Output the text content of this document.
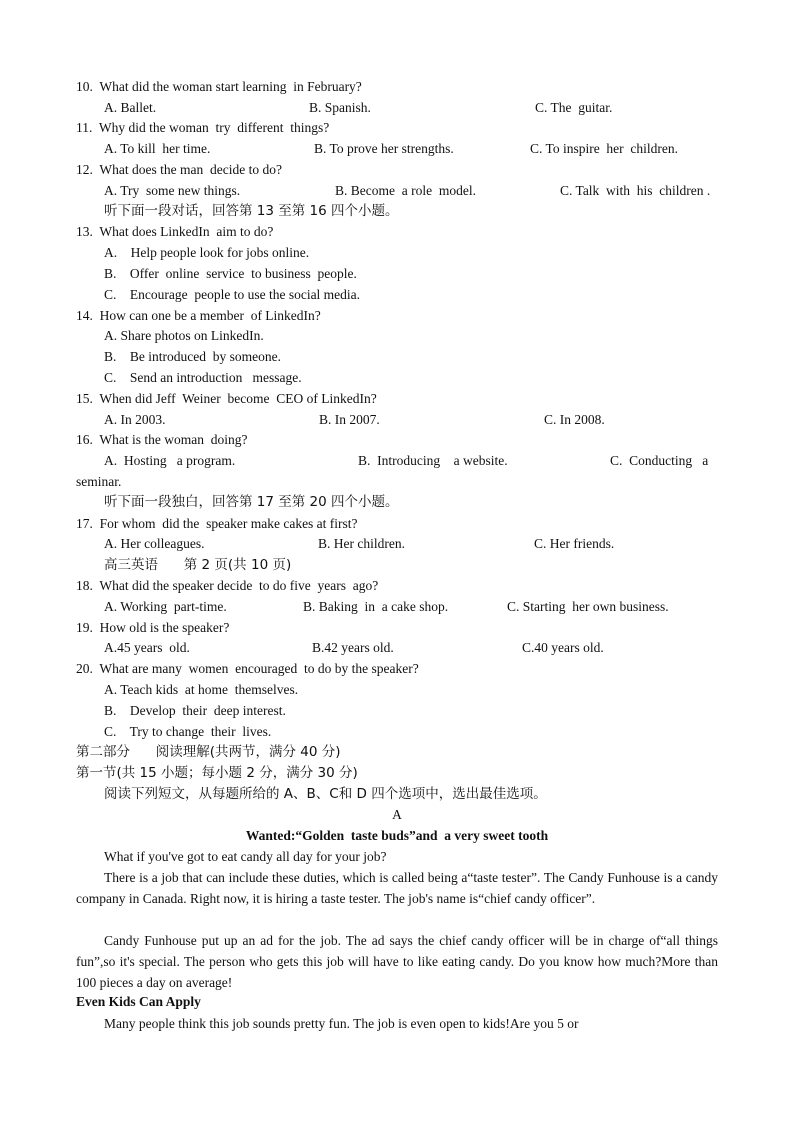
10.  What did the woman start learning  in February?
A. Ballet.	B. Spanish.	C. The  guitar.
11.  Why did the woman  try  different  things?
A. To kill  her time.	B. To prove her strengths.	C. To inspire  her  children.
12.  What does the man  decide to do?
A. Try  some new things.	B. Become  a role  model.	C. Talk  with  his  children .
听下面一段对话，回答第 13 至第 16 四个小题。
13.  What does LinkedIn  aim to do?
A.    Help people look for jobs online.
B.    Offer  online  service  to business  people.
C.    Encourage  people to use the social media.
14.  How can one be a member  of LinkedIn?
A. Share photos on LinkedIn.
B.    Be introduced  by someone.
C.    Send an introduction   message.
15.  When did Jeff  Weiner  become  CEO of LinkedIn?
A. In 2003.	B. In 2007.	C. In 2008.
16.  What is the woman  doing?
A.  Hosting   a program.	B.  Introducing    a website.	C.  Conducting   a
seminar.
听下面一段独白，回答第 17 至第 20 四个小题。
17.  For whom  did the  speaker make cakes at first?
A. Her colleagues.	B. Her children.	C. Her friends.
高三英语      第 2 页(共 10 页)
18.  What did the speaker decide  to do five  years  ago?
A. Working  part-time.	B. Baking  in  a cake shop.	C. Starting  her own business.
19.  How old is the speaker?
A.45 years  old.	B.42 years old.	C.40 years old.
20.  What are many  women  encouraged  to do by the speaker?
A. Teach kids  at home  themselves.
B.    Develop  their  deep interest.
C.    Try to change  their  lives.
第二部分      阅读理解(共两节，满分 40 分)
第一节(共 15 小题；每小题 2 分，满分 30 分)
阅读下列短文，从每题所给的 A、B、C和 D 四个选项中，选出最佳选项。
A
Wanted:“Golden  taste buds”and  a very sweet tooth
What if you've got to eat candy all day for your job?
There is a job that can include these duties, which is called being a“taste tester”. The Candy Funhouse is a candy company in Canada. Right now, it is hiring a taste tester. The job's name is“chief candy officer”.
Candy Funhouse put up an ad for the job. The ad says the chief candy officer will be in charge of“all things fun”,so it's special. The person who gets this job will have to like eating candy. Do you know how much?More than 100 pieces a day on average!
Even Kids Can Apply
Many people think this job sounds pretty fun. The job is even open to kids!Are you 5 or
